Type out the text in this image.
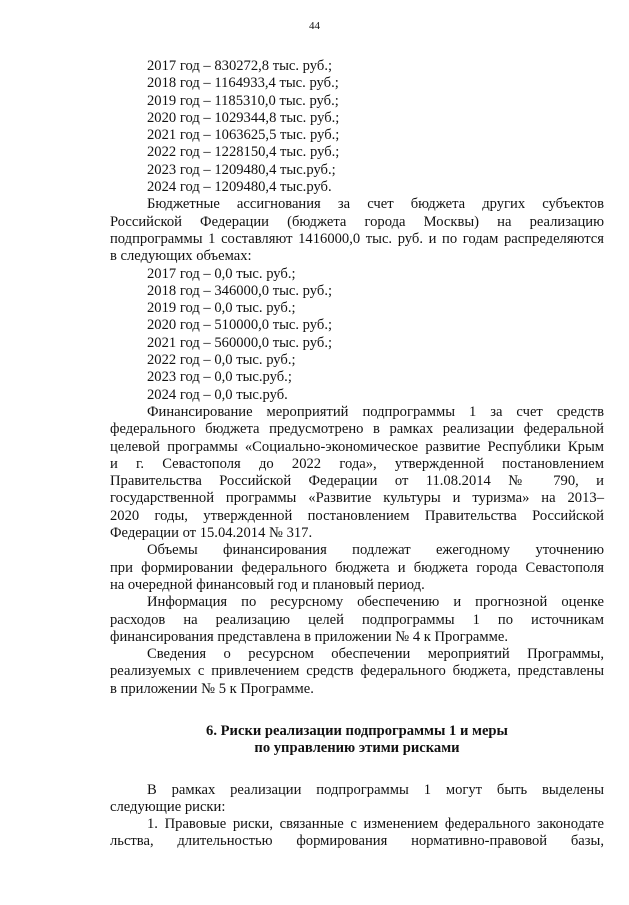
44
2017 год – 830272,8 тыс. руб.;
2018 год – 1164933,4 тыс. руб.;
2019 год – 1185310,0 тыс. руб.;
2020 год – 1029344,8 тыс. руб.;
2021 год – 1063625,5 тыс. руб.;
2022 год – 1228150,4 тыс. руб.;
2023 год – 1209480,4 тыс.руб.;
2024 год – 1209480,4 тыс.руб.
Бюджетные ассигнования за счет бюджета других субъектов
Российской Федерации (бюджета города Москвы) на реализацию
подпрограммы 1 составляют 1416000,0 тыс. руб. и по годам распределяются
в следующих объемах:
2017 год – 0,0 тыс. руб.;
2018 год – 346000,0 тыс. руб.;
2019 год – 0,0 тыс. руб.;
2020 год – 510000,0 тыс. руб.;
2021 год – 560000,0 тыс. руб.;
2022 год – 0,0 тыс. руб.;
2023 год – 0,0 тыс.руб.;
2024 год – 0,0 тыс.руб.
Финансирование мероприятий подпрограммы 1 за счет средств
федерального бюджета предусмотрено в рамках реализации федеральной
целевой программы «Социально-экономическое развитие Республики Крым
и г. Севастополя до 2022 года», утвержденной постановлением
Правительства Российской Федерации от 11.08.2014 № 790, и
государственной программы «Развитие культуры и туризма» на 2013–
2020 годы, утвержденной постановлением Правительства Российской
Федерации от 15.04.2014 № 317.
Объемы финансирования подлежат ежегодному уточнению
при формировании федерального бюджета и бюджета города Севастополя
на очередной финансовый год и плановый период.
Информация по ресурсному обеспечению и прогнозной оценке
расходов на реализацию целей подпрограммы 1 по источникам
финансирования представлена в приложении № 4 к Программе.
Сведения о ресурсном обеспечении мероприятий Программы,
реализуемых с привлечением средств федерального бюджета, представлены
в приложении № 5 к Программе.
6. Риски реализации подпрограммы 1 и меры
по управлению этими рисками
В рамках реализации подпрограммы 1 могут быть выделены
следующие риски:
1. Правовые риски, связанные с изменением федерального законодате
льства, длительностью формирования нормативно-правовой базы,
